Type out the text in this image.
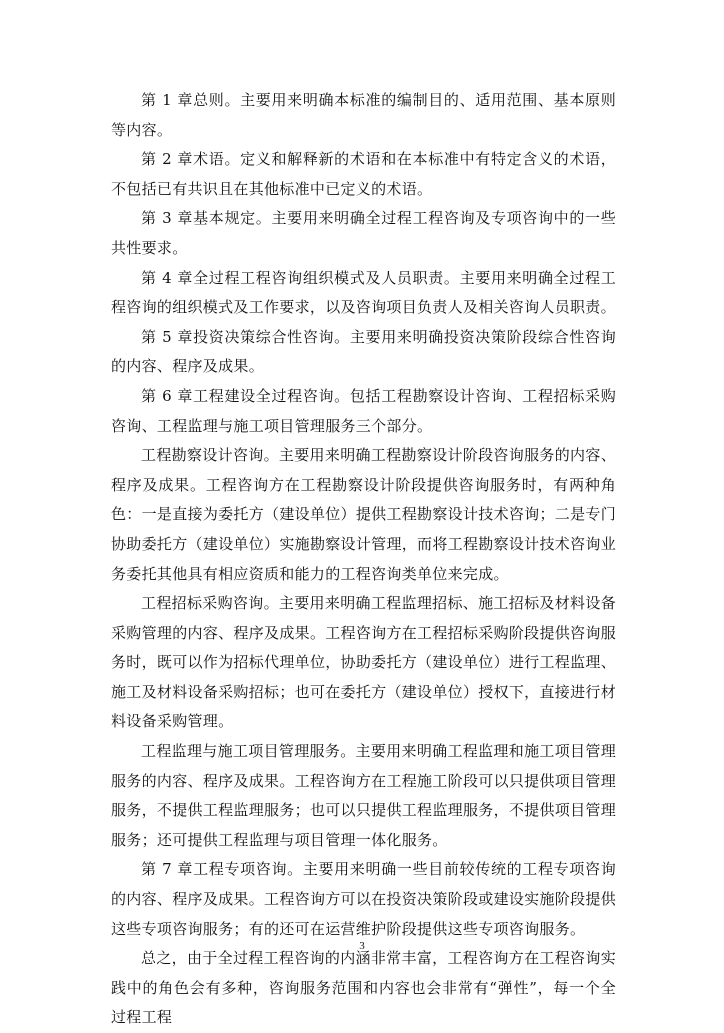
第 1 章总则。主要用来明确本标准的编制目的、适用范围、基本原则等内容。

第 2 章术语。定义和解释新的术语和在本标准中有特定含义的术语，不包括已有共识且在其他标准中已定义的术语。

第 3 章基本规定。主要用来明确全过程工程咨询及专项咨询中的一些共性要求。

第 4 章全过程工程咨询组织模式及人员职责。主要用来明确全过程工程咨询的组织模式及工作要求，以及咨询项目负责人及相关咨询人员职责。

第 5 章投资决策综合性咨询。主要用来明确投资决策阶段综合性咨询的内容、程序及成果。

第 6 章工程建设全过程咨询。包括工程勘察设计咨询、工程招标采购咨询、工程监理与施工项目管理服务三个部分。

工程勘察设计咨询。主要用来明确工程勘察设计阶段咨询服务的内容、程序及成果。工程咨询方在工程勘察设计阶段提供咨询服务时，有两种角色：一是直接为委托方（建设单位）提供工程勘察设计技术咨询；二是专门协助委托方（建设单位）实施勘察设计管理，而将工程勘察设计技术咨询业务委托其他具有相应资质和能力的工程咨询类单位来完成。

工程招标采购咨询。主要用来明确工程监理招标、施工招标及材料设备采购管理的内容、程序及成果。工程咨询方在工程招标采购阶段提供咨询服务时，既可以作为招标代理单位，协助委托方（建设单位）进行工程监理、施工及材料设备采购招标；也可在委托方（建设单位）授权下，直接进行材料设备采购管理。

工程监理与施工项目管理服务。主要用来明确工程监理和施工项目管理服务的内容、程序及成果。工程咨询方在工程施工阶段可以只提供项目管理服务，不提供工程监理服务；也可以只提供工程监理服务，不提供项目管理服务；还可提供工程监理与项目管理一体化服务。

第 7 章工程专项咨询。主要用来明确一些目前较传统的工程专项咨询的内容、程序及成果。工程咨询方可以在投资决策阶段或建设实施阶段提供这些专项咨询服务；有的还可在运营维护阶段提供这些专项咨询服务。

总之，由于全过程工程咨询的内涵非常丰富，工程咨询方在工程咨询实践中的角色会有多种，咨询服务范围和内容也会非常有“弹性”，每一个全过程工程

3
